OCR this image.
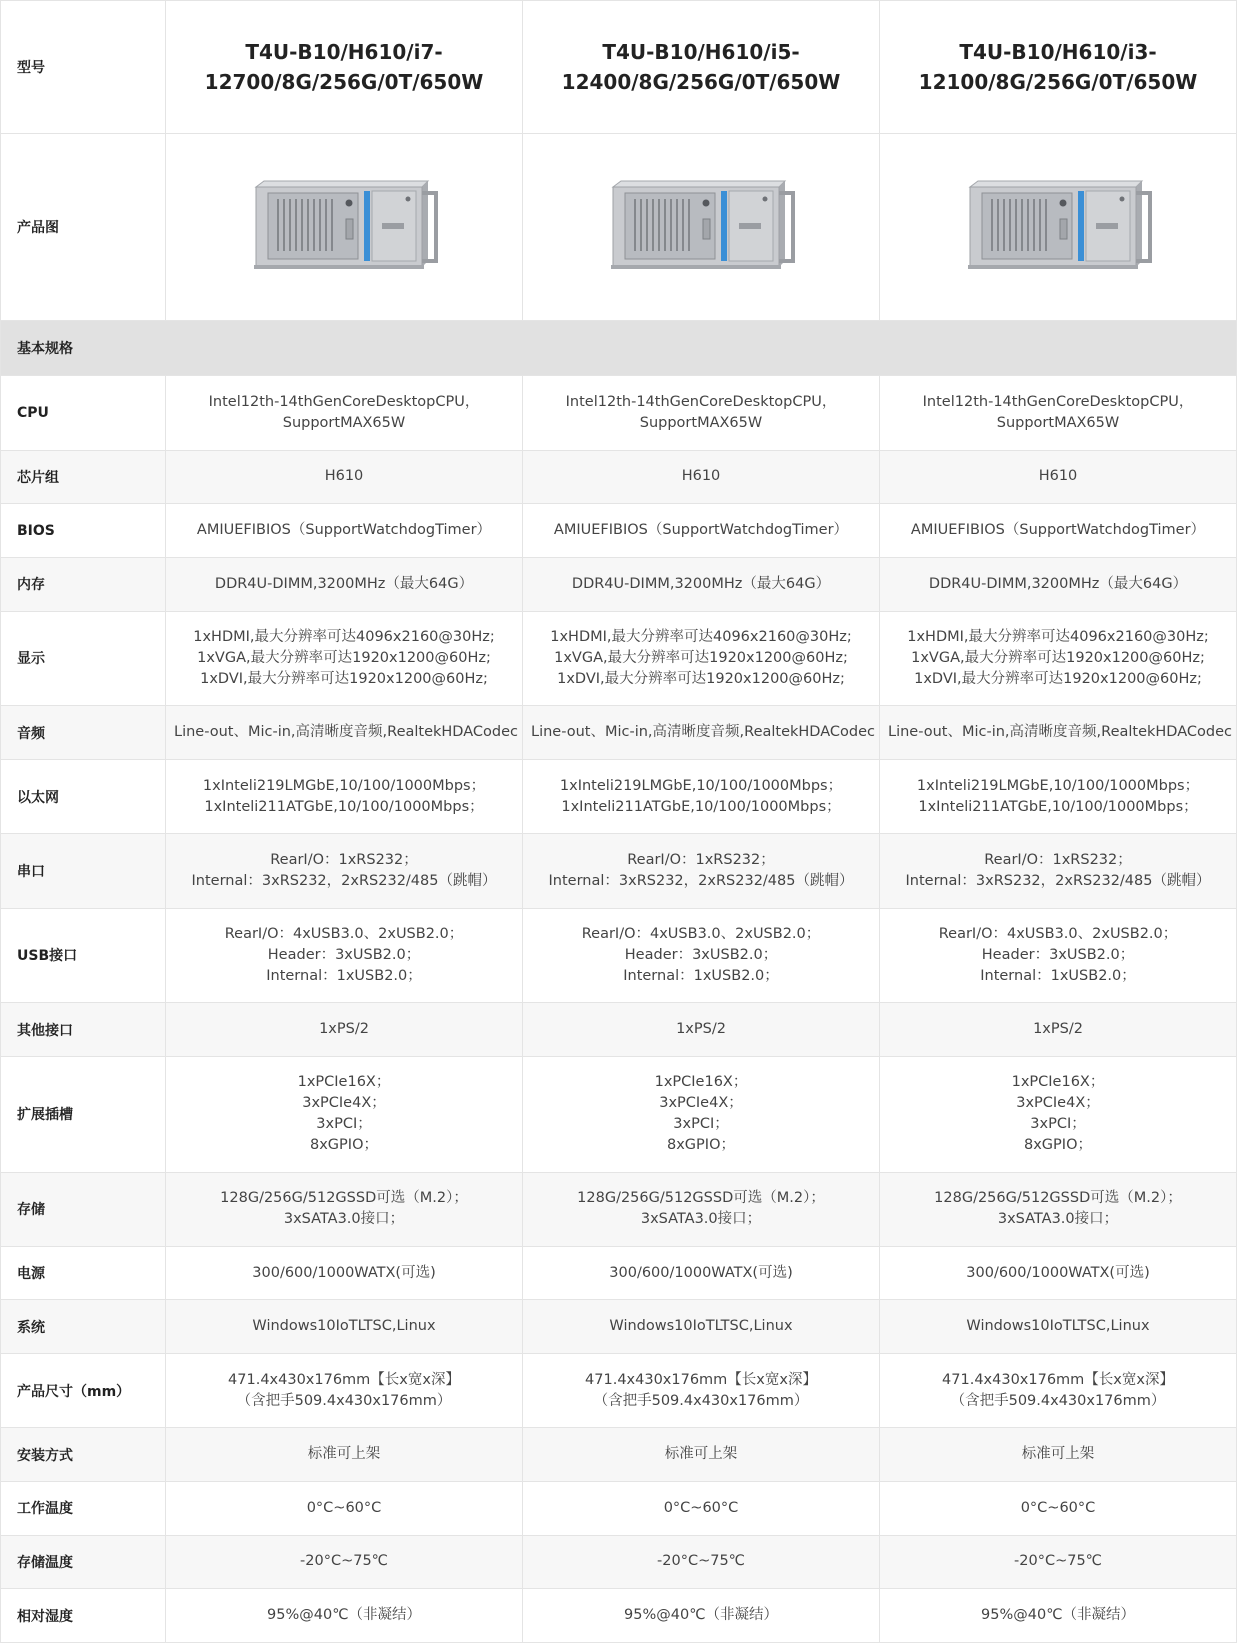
型号	T4U-B10/H610/i7-
12700/8G/256G/0T/650W	T4U-B10/H610/i5-
12400/8G/256G/0T/650W	T4U-B10/H610/i3-
12100/8G/256G/0T/650W

产品图			
基本规格			
CPU	Intel12th-14thGenCoreDesktopCPU，
SupportMAX65W	Intel12th-14thGenCoreDesktopCPU，
SupportMAX65W	Intel12th-14thGenCoreDesktopCPU，
SupportMAX65W

芯片组	H610	H610	H610

BIOS	AMIUEFIBIOS（SupportWatchdogTimer）	AMIUEFIBIOS（SupportWatchdogTimer）	AMIUEFIBIOS（SupportWatchdogTimer）

内存	DDR4U-DIMM,3200MHz（最大64G）	DDR4U-DIMM,3200MHz（最大64G）	DDR4U-DIMM,3200MHz（最大64G）

显示	1xHDMI,最大分辨率可达4096x2160@30Hz;
1xVGA,最大分辨率可达1920x1200@60Hz;
1xDVI,最大分辨率可达1920x1200@60Hz;	1xHDMI,最大分辨率可达4096x2160@30Hz;
1xVGA,最大分辨率可达1920x1200@60Hz;
1xDVI,最大分辨率可达1920x1200@60Hz;	1xHDMI,最大分辨率可达4096x2160@30Hz;
1xVGA,最大分辨率可达1920x1200@60Hz;
1xDVI,最大分辨率可达1920x1200@60Hz;

音频	Line-out、Mic-in,高清晰度音频,RealtekHDACodec	Line-out、Mic-in,高清晰度音频,RealtekHDACodec	Line-out、Mic-in,高清晰度音频,RealtekHDACodec

以太网	1xInteli219LMGbE,10/100/1000Mbps；
1xInteli211ATGbE,10/100/1000Mbps；	1xInteli219LMGbE,10/100/1000Mbps；
1xInteli211ATGbE,10/100/1000Mbps；	1xInteli219LMGbE,10/100/1000Mbps；
1xInteli211ATGbE,10/100/1000Mbps；

串口	RearI/O：1xRS232；
Internal：3xRS232，2xRS232/485（跳帽）	RearI/O：1xRS232；
Internal：3xRS232，2xRS232/485（跳帽）	RearI/O：1xRS232；
Internal：3xRS232，2xRS232/485（跳帽）

USB接口	RearI/O：4xUSB3.0、2xUSB2.0；
Header：3xUSB2.0；
Internal：1xUSB2.0；	RearI/O：4xUSB3.0、2xUSB2.0；
Header：3xUSB2.0；
Internal：1xUSB2.0；	RearI/O：4xUSB3.0、2xUSB2.0；
Header：3xUSB2.0；
Internal：1xUSB2.0；

其他接口	1xPS/2	1xPS/2	1xPS/2

扩展插槽	1xPCIe16X；
3xPCIe4X；
3xPCI；
8xGPIO；	1xPCIe16X；
3xPCIe4X；
3xPCI；
8xGPIO；	1xPCIe16X；
3xPCIe4X；
3xPCI；
8xGPIO；

存储	128G/256G/512GSSD可选（M.2）；
3xSATA3.0接口；	128G/256G/512GSSD可选（M.2）；
3xSATA3.0接口；	128G/256G/512GSSD可选（M.2）；
3xSATA3.0接口；

电源	300/600/1000WATX(可选)	300/600/1000WATX(可选)	300/600/1000WATX(可选)

系统	Windows10IoTLTSC,Linux	Windows10IoTLTSC,Linux	Windows10IoTLTSC,Linux

产品尺寸（mm）	471.4x430x176mm【长x宽x深】
（含把手509.4x430x176mm）	471.4x430x176mm【长x宽x深】
（含把手509.4x430x176mm）	471.4x430x176mm【长x宽x深】
（含把手509.4x430x176mm）

安装方式	标准可上架	标准可上架	标准可上架

工作温度	0°C~60°C	0°C~60°C	0°C~60°C

存储温度	-20°C~75℃	-20°C~75℃	-20°C~75℃

相对湿度	95%@40℃（非凝结）	95%@40℃（非凝结）	95%@40℃（非凝结）
